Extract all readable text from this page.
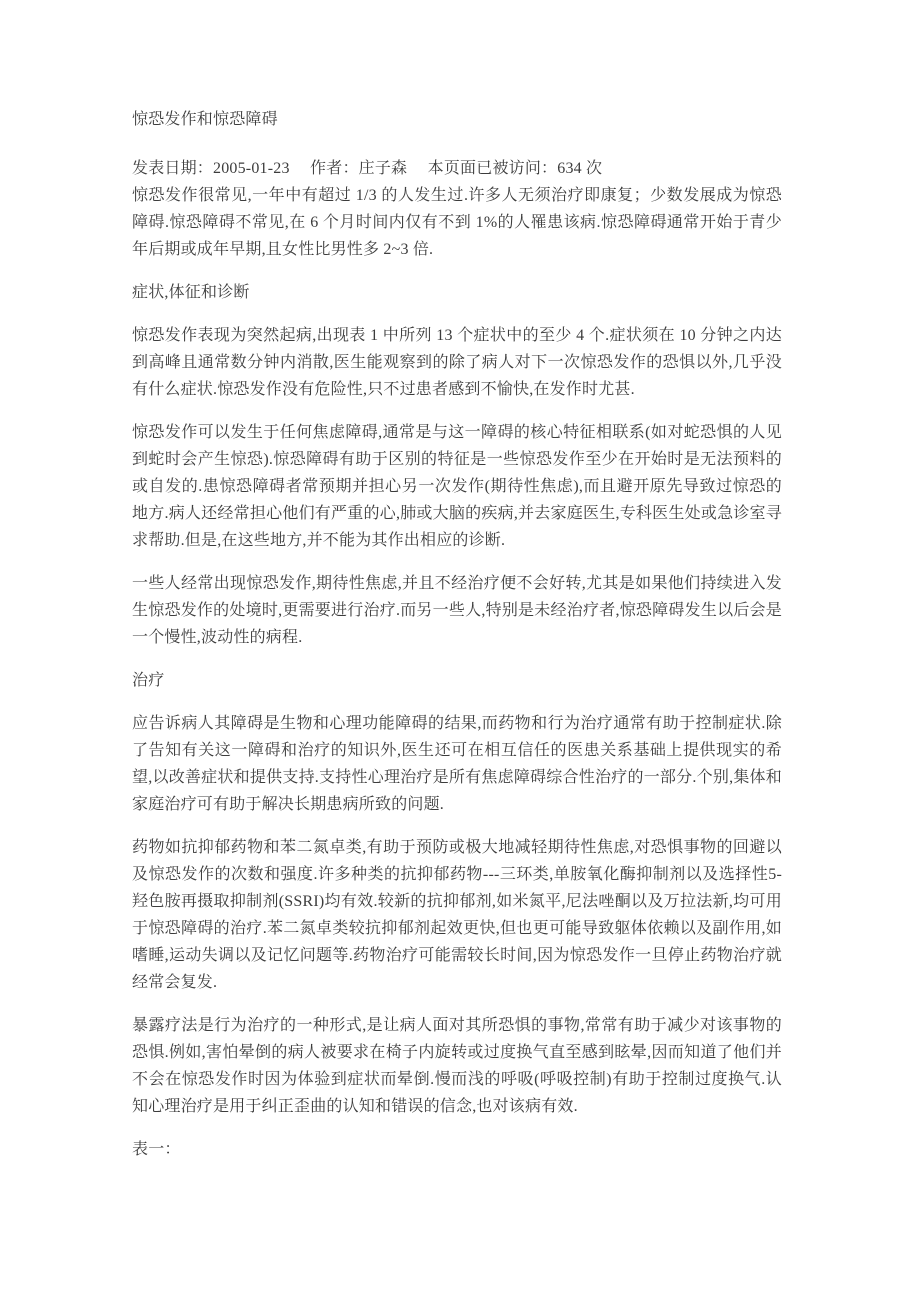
惊恐发作和惊恐障碍

发表日期：2005-01-23　 作者：庄子森　 本页面已被访问：634 次

惊恐发作很常见,一年中有超过 1/3 的人发生过.许多人无须治疗即康复；少数发展成为惊恐障碍.惊恐障碍不常见,在 6 个月时间内仅有不到 1%的人罹患该病.惊恐障碍通常开始于青少年后期或成年早期,且女性比男性多 2~3 倍.

症状,体征和诊断

惊恐发作表现为突然起病,出现表 1 中所列 13 个症状中的至少 4 个.症状须在 10 分钟之内达到高峰且通常数分钟内消散,医生能观察到的除了病人对下一次惊恐发作的恐惧以外,几乎没有什么症状.惊恐发作没有危险性,只不过患者感到不愉快,在发作时尤甚.

惊恐发作可以发生于任何焦虑障碍,通常是与这一障碍的核心特征相联系(如对蛇恐惧的人见到蛇时会产生惊恐).惊恐障碍有助于区别的特征是一些惊恐发作至少在开始时是无法预料的或自发的.患惊恐障碍者常预期并担心另一次发作(期待性焦虑),而且避开原先导致过惊恐的地方.病人还经常担心他们有严重的心,肺或大脑的疾病,并去家庭医生,专科医生处或急诊室寻求帮助.但是,在这些地方,并不能为其作出相应的诊断.

一些人经常出现惊恐发作,期待性焦虑,并且不经治疗便不会好转,尤其是如果他们持续进入发生惊恐发作的处境时,更需要进行治疗.而另一些人,特别是未经治疗者,惊恐障碍发生以后会是一个慢性,波动性的病程.

治疗

应告诉病人其障碍是生物和心理功能障碍的结果,而药物和行为治疗通常有助于控制症状.除了告知有关这一障碍和治疗的知识外,医生还可在相互信任的医患关系基础上提供现实的希望,以改善症状和提供支持.支持性心理治疗是所有焦虑障碍综合性治疗的一部分.个别,集体和家庭治疗可有助于解决长期患病所致的问题.

药物如抗抑郁药物和苯二氮卓类,有助于预防或极大地减轻期待性焦虑,对恐惧事物的回避以及惊恐发作的次数和强度.许多种类的抗抑郁药物---三环类,单胺氧化酶抑制剂以及选择性5-羟色胺再摄取抑制剂(SSRI)均有效.较新的抗抑郁剂,如米氮平,尼法唑酮以及万拉法新,均可用于惊恐障碍的治疗.苯二氮卓类较抗抑郁剂起效更快,但也更可能导致躯体依赖以及副作用,如嗜睡,运动失调以及记忆问题等.药物治疗可能需较长时间,因为惊恐发作一旦停止药物治疗就经常会复发.

暴露疗法是行为治疗的一种形式,是让病人面对其所恐惧的事物,常常有助于减少对该事物的恐惧.例如,害怕晕倒的病人被要求在椅子内旋转或过度换气直至感到眩晕,因而知道了他们并不会在惊恐发作时因为体验到症状而晕倒.慢而浅的呼吸(呼吸控制)有助于控制过度换气.认知心理治疗是用于纠正歪曲的认知和错误的信念,也对该病有效.

表一：
